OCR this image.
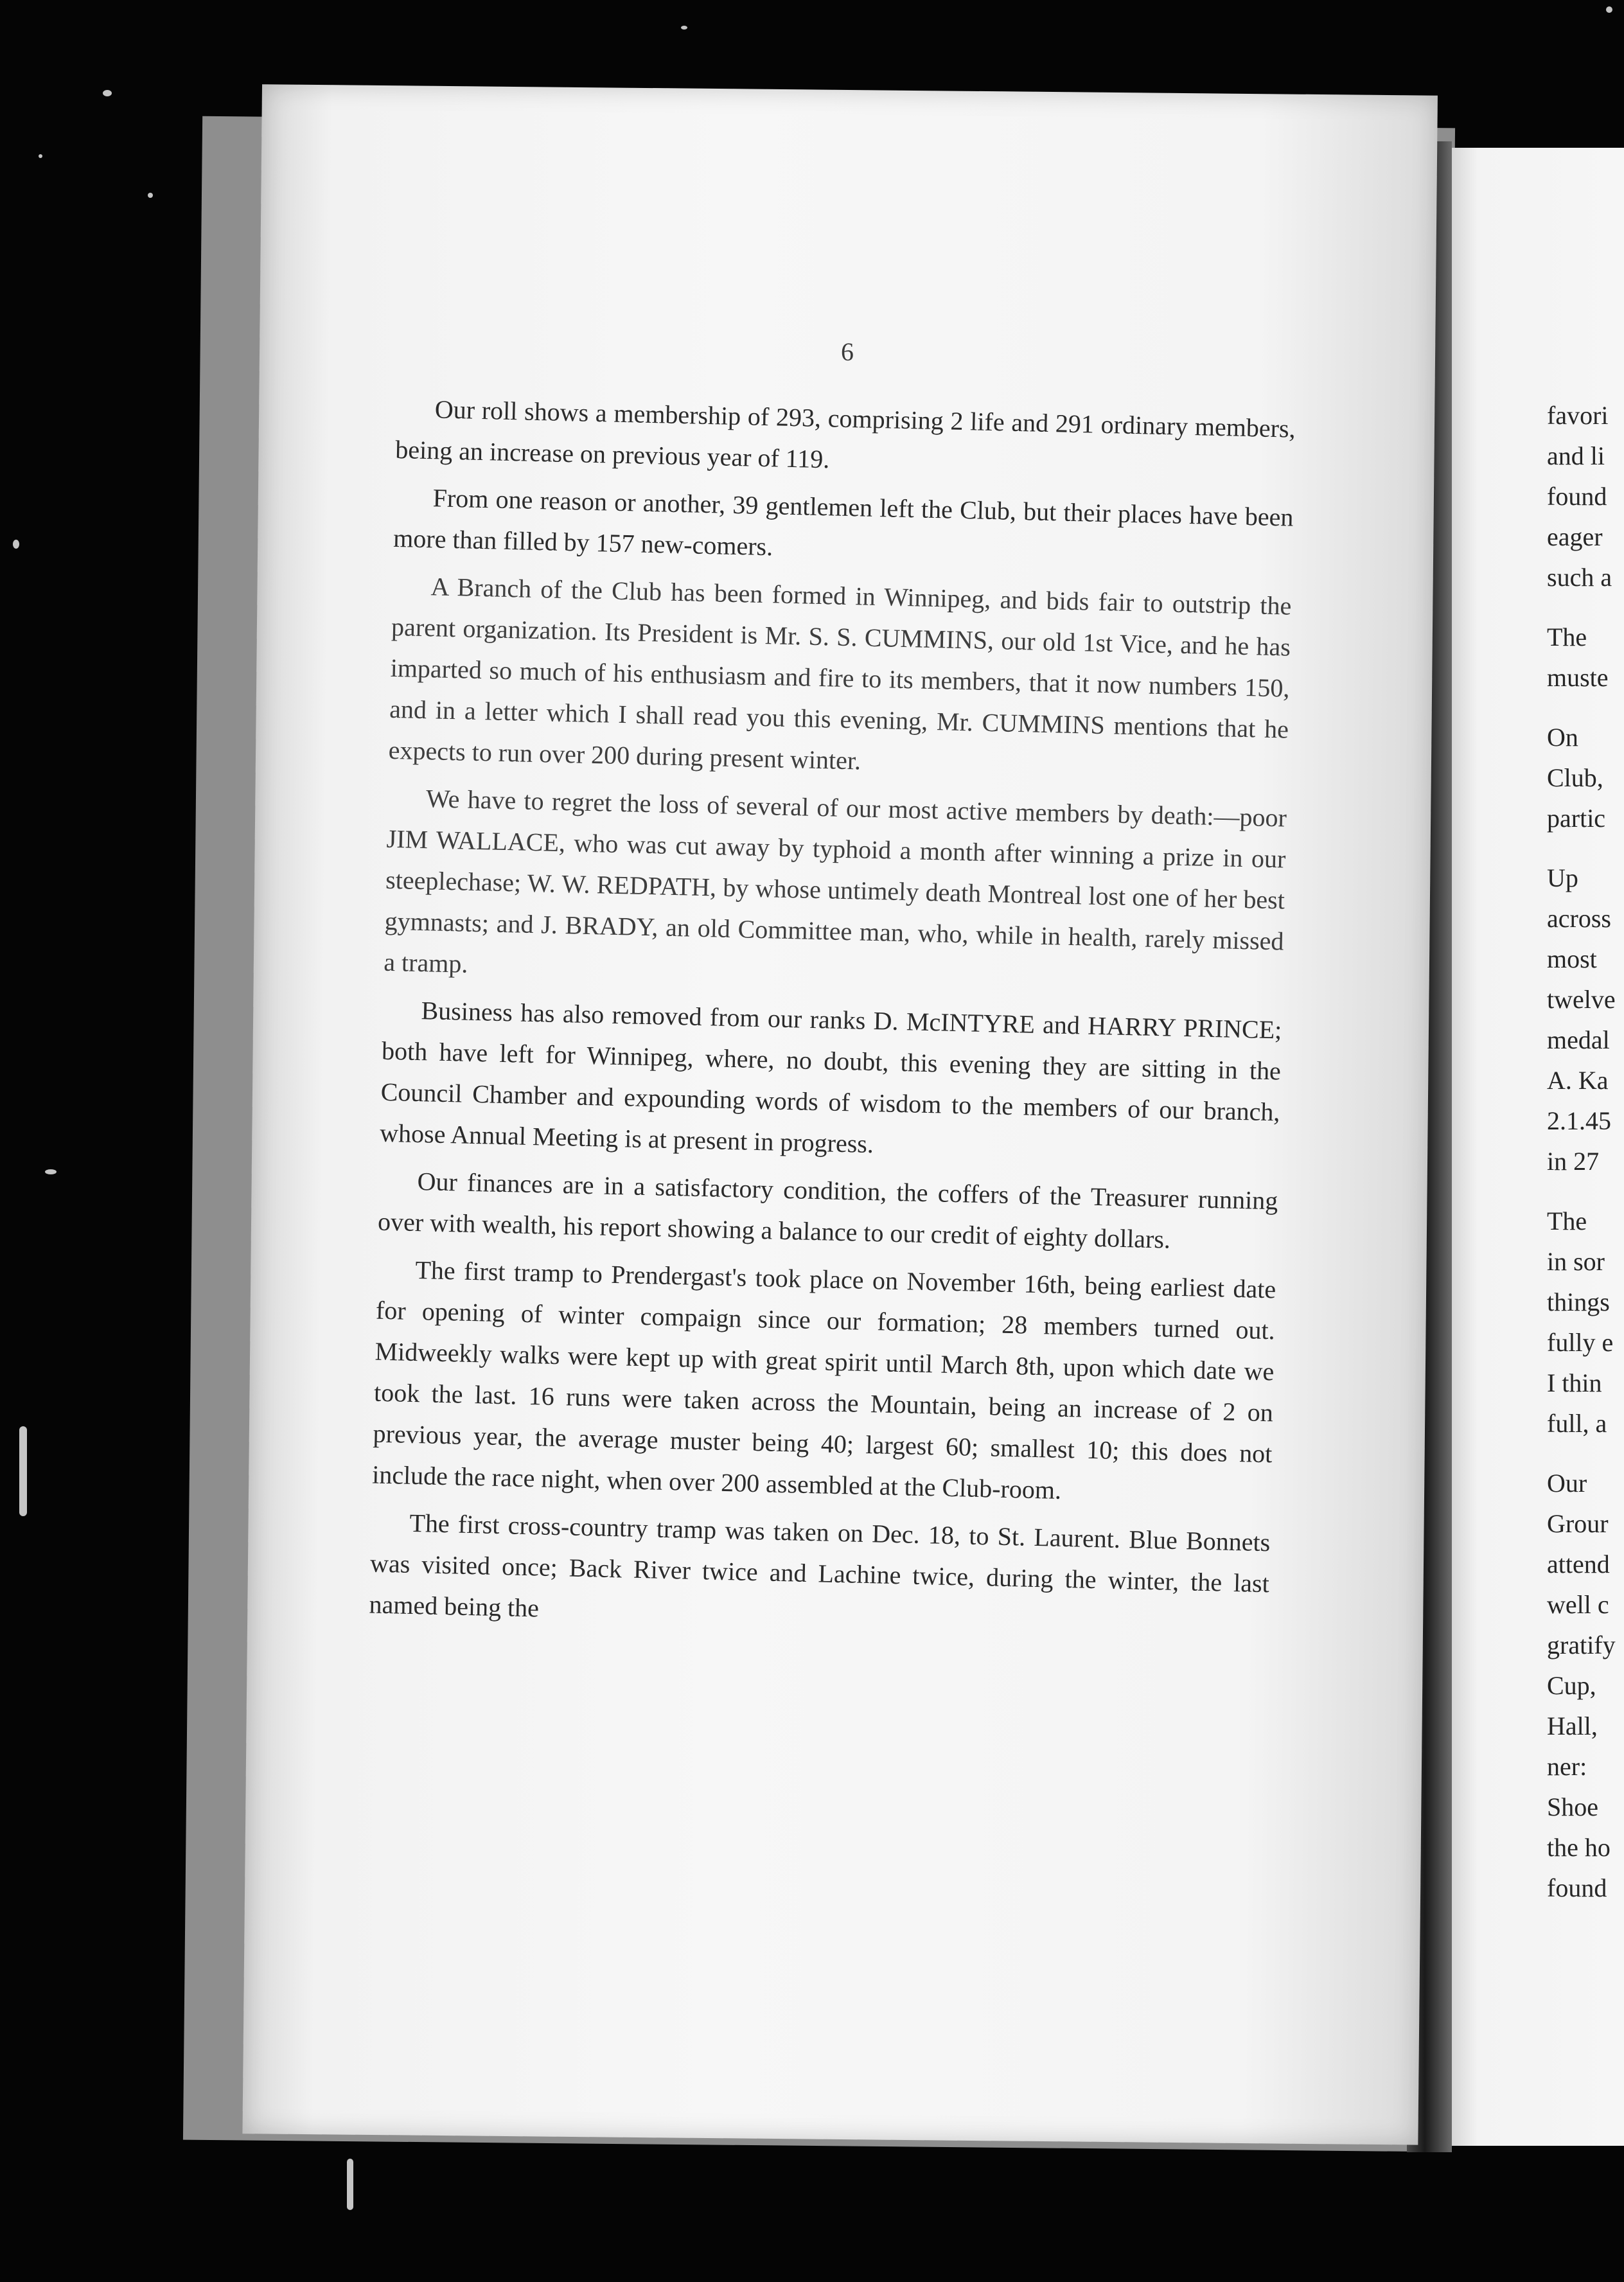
6

Our roll shows a membership of 293, comprising 2 life and 291 ordinary members, being an increase on previous year of 119.

From one reason or another, 39 gentlemen left the Club, but their places have been more than filled by 157 new-comers.

A Branch of the Club has been formed in Winnipeg, and bids fair to outstrip the parent organization. Its President is Mr. S. S. CUMMINS, our old 1st Vice, and he has imparted so much of his enthusiasm and fire to its members, that it now numbers 150, and in a letter which I shall read you this evening, Mr. CUMMINS mentions that he expects to run over 200 during present winter.

We have to regret the loss of several of our most active members by death:—poor JIM WALLACE, who was cut away by typhoid a month after winning a prize in our steeplechase; W. W. REDPATH, by whose untimely death Montreal lost one of her best gymnasts; and J. BRADY, an old Committee man, who, while in health, rarely missed a tramp.

Business has also removed from our ranks D. McINTYRE and HARRY PRINCE; both have left for Winnipeg, where, no doubt, this evening they are sitting in the Council Chamber and expounding words of wisdom to the members of our branch, whose Annual Meeting is at present in progress.

Our finances are in a satisfactory condition, the coffers of the Treasurer running over with wealth, his report showing a balance to our credit of eighty dollars.

The first tramp to Prendergast's took place on November 16th, being earliest date for opening of winter compaign since our formation; 28 members turned out. Midweekly walks were kept up with great spirit until March 8th, upon which date we took the last. 16 runs were taken across the Mountain, being an increase of 2 on previous year, the average muster being 40; largest 60; smallest 10; this does not include the race night, when over 200 assembled at the Club-room.

The first cross-country tramp was taken on Dec. 18, to St. Laurent. Blue Bonnets was visited once; Back River twice and Lachine twice, during the winter, the last named being the

favori
and li
found
eager
such a
The
muste
On
Club,
partic
Up
across
most
twelve
medal
A. Ka
2.1.45
in 27
The
in sor
things
fully e
I thin
full, a
Our
Grour
attend
well c
gratify
Cup,
Hall,
ner:
Shoe
the ho
found
